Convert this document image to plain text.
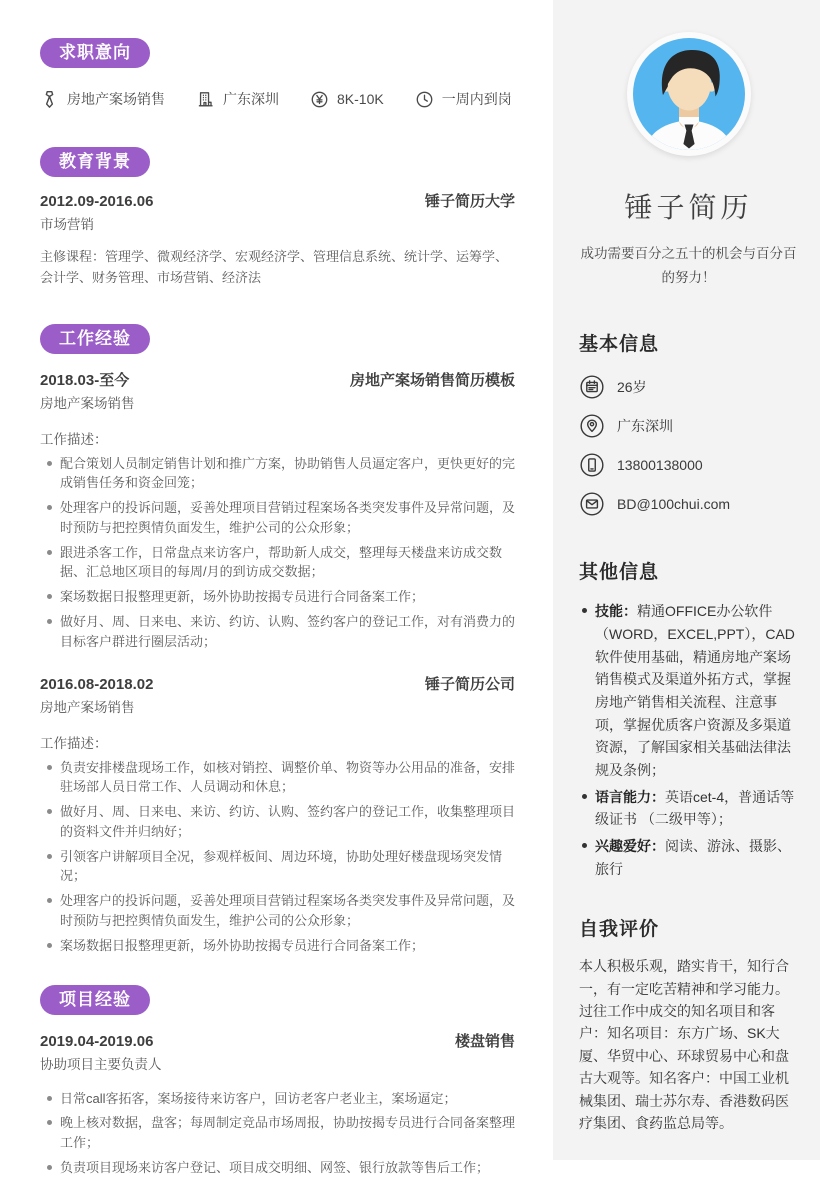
求职意向
房地产案场销售	广东深圳	8K-10K	一周内到岗
教育背景
2012.09-2016.06	锤子简历大学
市场营销
主修课程：管理学、微观经济学、宏观经济学、管理信息系统、统计学、运筹学、会计学、财务管理、市场营销、经济法
工作经验
2018.03-至今	房地产案场销售简历模板
房地产案场销售
工作描述：
配合策划人员制定销售计划和推广方案，协助销售人员逼定客户，更快更好的完成销售任务和资金回笼；
处理客户的投诉问题，妥善处理项目营销过程案场各类突发事件及异常问题，及时预防与把控舆情负面发生，维护公司的公众形象；
跟进杀客工作，日常盘点来访客户，帮助新人成交，整理每天楼盘来访成交数据、汇总地区项目的每周/月的到访成交数据；
案场数据日报整理更新，场外协助按揭专员进行合同备案工作；
做好月、周、日来电、来访、约访、认购、签约客户的登记工作，对有消费力的目标客户群进行圈层活动；
2016.08-2018.02	锤子简历公司
房地产案场销售
工作描述：
负责安排楼盘现场工作，如核对销控、调整价单、物资等办公用品的准备，安排驻场部人员日常工作、人员调动和休息；
做好月、周、日来电、来访、约访、认购、签约客户的登记工作，收集整理项目的资料文件并归纳好；
引领客户讲解项目全况，参观样板间、周边环境，协助处理好楼盘现场突发情况；
处理客户的投诉问题，妥善处理项目营销过程案场各类突发事件及异常问题，及时预防与把控舆情负面发生，维护公司的公众形象；
案场数据日报整理更新，场外协助按揭专员进行合同备案工作；
项目经验
2019.04-2019.06	楼盘销售
协助项目主要负责人
日常call客拓客，案场接待来访客户，回访老客户老业主，案场逼定；
晚上核对数据，盘客；每周制定竞品市场周报，协助按揭专员进行合同备案整理工作；
负责项目现场来访客户登记、项目成交明细、网签、银行放款等售后工作；
锤子简历
成功需要百分之五十的机会与百分百的努力！
基本信息
26岁
广东深圳
13800138000
BD@100chui.com
其他信息
技能：精通OFFICE办公软件（WORD，EXCEL,PPT），CAD软件使用基础，精通房地产案场销售模式及渠道外拓方式，掌握房地产销售相关流程、注意事项，掌握优质客户资源及多渠道资源，了解国家相关基础法律法规及条例；
语言能力：英语cet-4，普通话等级证书 （二级甲等）；
兴趣爱好：阅读、游泳、摄影、旅行
自我评价
本人积极乐观，踏实肯干，知行合一，有一定吃苦精神和学习能力。过往工作中成交的知名项目和客户：知名项目：东方广场、SK大厦、华贸中心、环球贸易中心和盘古大观等。知名客户：中国工业机械集团、瑞士苏尔寿、香港数码医疗集团、食药监总局等。
